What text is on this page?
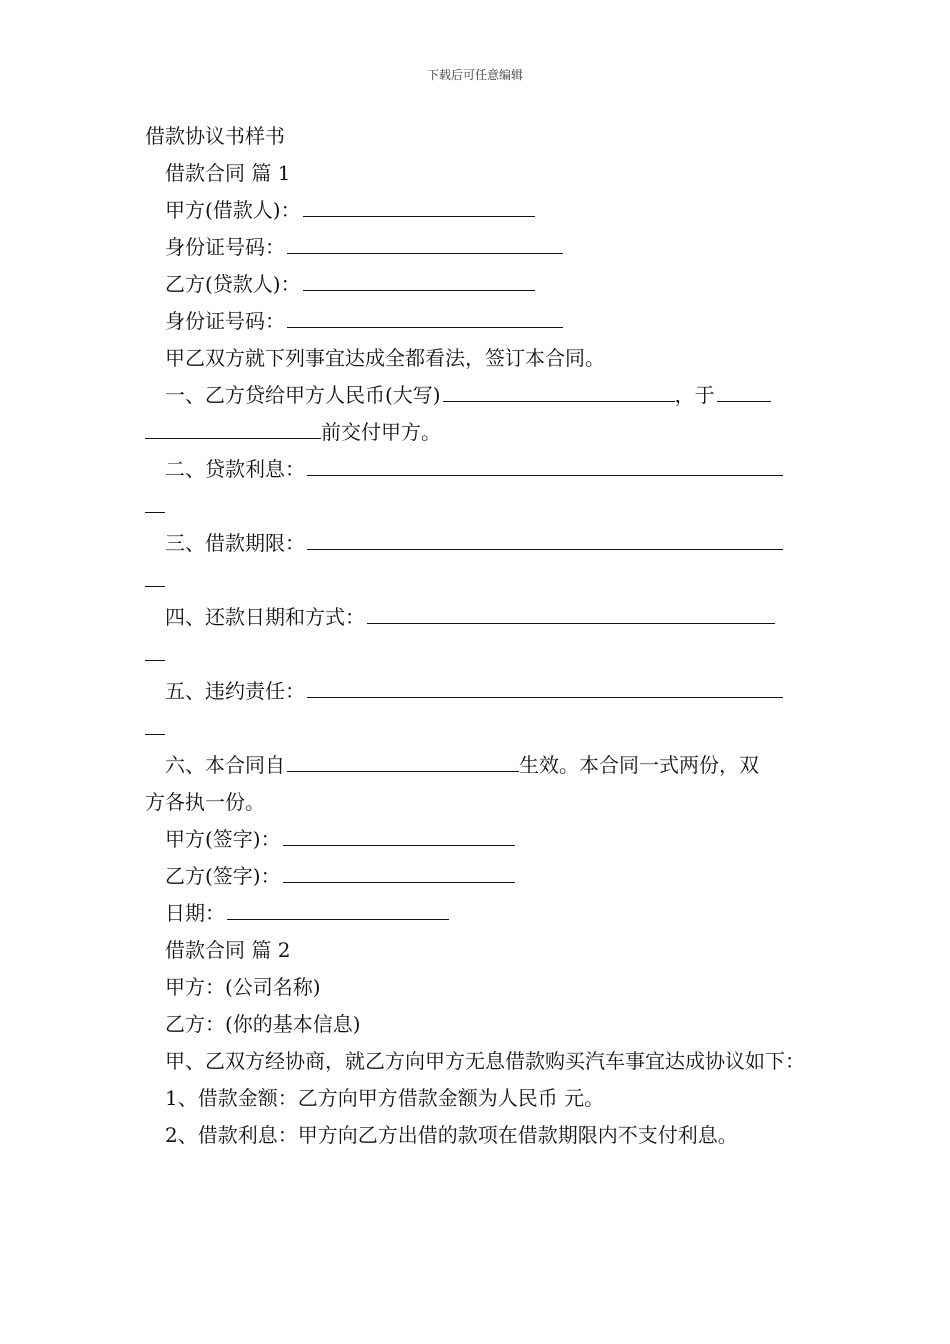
下载后可任意编辑

借款协议书样书

借款合同 篇 1

甲方(借款人)：

身份证号码：

乙方(贷款人)：

身份证号码：

甲乙双方就下列事宜达成全都看法，签订本合同。

一、乙方贷给甲方人民币(大写)	，于

前交付甲方。

二、贷款利息：

三、借款期限：

四、还款日期和方式：

五、违约责任：

六、本合同自	生效。本合同一式两份，双

方各执一份。

甲方(签字)：

乙方(签字)：

日期：

借款合同 篇 2

甲方：(公司名称)

乙方：(你的基本信息)

甲、乙双方经协商，就乙方向甲方无息借款购买汽车事宜达成协议如下：

1、借款金额：乙方向甲方借款金额为人民币 元。

2、借款利息：甲方向乙方出借的款项在借款期限内不支付利息。
